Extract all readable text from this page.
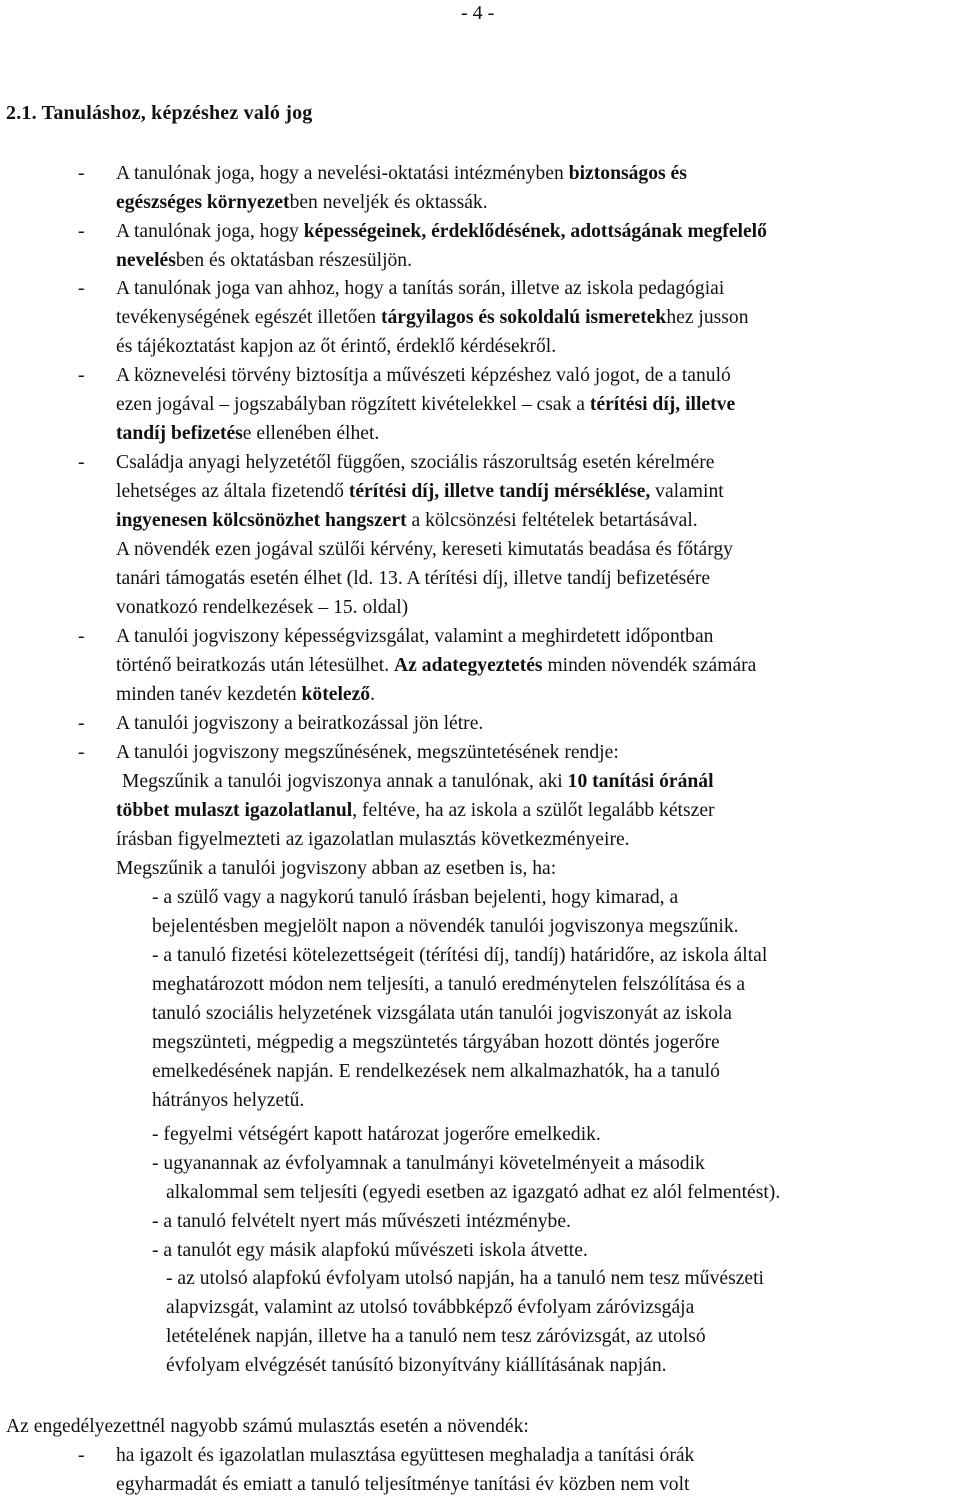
- 4 -
2.1. Tanuláshoz, képzéshez való jog
- A tanulónak joga, hogy a nevelési-oktatási intézményben biztonságos és
egészséges környezetben neveljék és oktassák.
- A tanulónak joga, hogy képességeinek, érdeklődésének, adottságának megfelelő
nevelésben és oktatásban részesüljön.
- A tanulónak joga van ahhoz, hogy a tanítás során, illetve az iskola pedagógiai
tevékenységének egészét illetően tárgyilagos és sokoldalú ismeretekhez jusson
és tájékoztatást kapjon az őt érintő, érdeklő kérdésekről.
- A köznevelési törvény biztosítja a művészeti képzéshez való jogot, de a tanuló
ezen jogával – jogszabályban rögzített kivételekkel – csak a térítési díj, illetve
tandíj befizetése ellenében élhet.
- Családja anyagi helyzetétől függően, szociális rászorultság esetén kérelmére
lehetséges az általa fizetendő térítési díj, illetve tandíj mérséklése, valamint
ingyenesen kölcsönözhet hangszert a kölcsönzési feltételek betartásával.
A növendék ezen jogával szülői kérvény, kereseti kimutatás beadása és főtárgy
tanári támogatás esetén élhet (ld. 13. A térítési díj, illetve tandíj befizetésére
vonatkozó rendelkezések – 15. oldal)
- A tanulói jogviszony képességvizsgálat, valamint a meghirdetett időpontban
történő beiratkozás után létesülhet. Az adategyeztetés minden növendék számára
minden tanév kezdetén kötelező.
- A tanulói jogviszony a beiratkozással jön létre.
- A tanulói jogviszony megszűnésének, megszüntetésének rendje:
Megszűnik a tanulói jogviszonya annak a tanulónak, aki 10 tanítási óránál
többet mulaszt igazolatlanul, feltéve, ha az iskola a szülőt legalább kétszer
írásban figyelmezteti az igazolatlan mulasztás következményeire.
Megszűnik a tanulói jogviszony abban az esetben is, ha:
- a szülő vagy a nagykorú tanuló írásban bejelenti, hogy kimarad, a
bejelentésben megjelölt napon a növendék tanulói jogviszonya megszűnik.
- a tanuló fizetési kötelezettségeit (térítési díj, tandíj) határidőre, az iskola által
meghatározott módon nem teljesíti, a tanuló eredménytelen felszólítása és a
tanuló szociális helyzetének vizsgálata után tanulói jogviszonyát az iskola
megszünteti, mégpedig a megszüntetés tárgyában hozott döntés jogerőre
emelkedésének napján. E rendelkezések nem alkalmazhatók, ha a tanuló
hátrányos helyzetű.
- fegyelmi vétségért kapott határozat jogerőre emelkedik.
- ugyanannak az évfolyamnak a tanulmányi követelményeit a második
alkalommal sem teljesíti (egyedi esetben az igazgató adhat ez alól felmentést).
- a tanuló felvételt nyert más művészeti intézménybe.
- a tanulót egy másik alapfokú művészeti iskola átvette.
- az utolsó alapfokú évfolyam utolsó napján, ha a tanuló nem tesz művészeti
alapvizsgát, valamint az utolsó továbbképző évfolyam záróvizsgája
letételének napján, illetve ha a tanuló nem tesz záróvizsgát, az utolsó
évfolyam elvégzését tanúsító bizonyítvány kiállításának napján.
Az engedélyezettnél nagyobb számú mulasztás esetén a növendék:
- ha igazolt és igazolatlan mulasztása együttesen meghaladja a tanítási órák
egyharmadát és emiatt a tanuló teljesítménye tanítási év közben nem volt
